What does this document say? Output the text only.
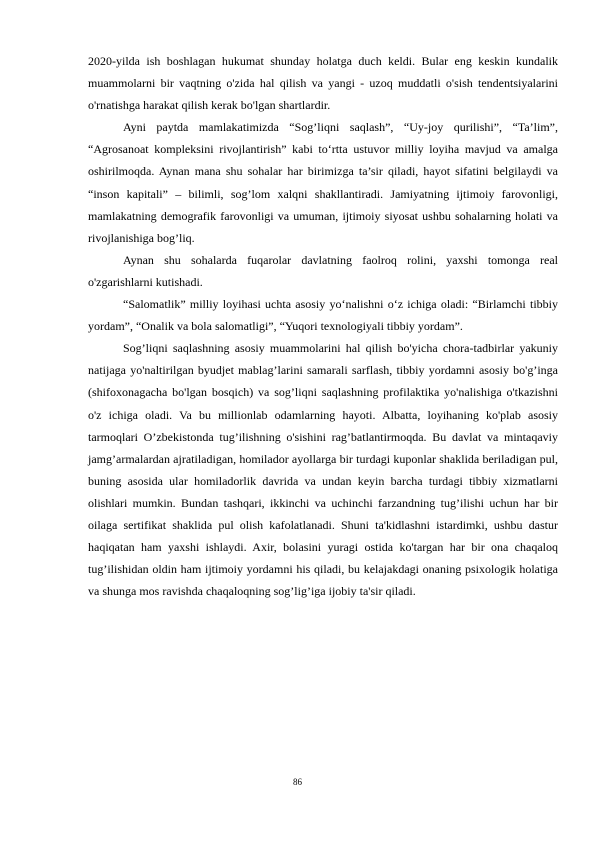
2020-yilda ish boshlagan hukumat shunday holatga duch keldi. Bular eng keskin kundalik muammolarni bir vaqtning o'zida hal qilish va yangi - uzoq muddatli o'sish tendentsiyalarini o'rnatishga harakat qilish kerak bo'lgan shartlardir.

Ayni paytda mamlakatimizda “Sog’liqni saqlash”, “Uy-joy qurilishi”, “Ta’lim”, “Agrosanoat kompleksini rivojlantirish” kabi to‘rtta ustuvor milliy loyiha mavjud va amalga oshirilmoqda. Aynan mana shu sohalar har birimizga ta’sir qiladi, hayot sifatini belgilaydi va “inson kapitali” – bilimli, sog’lom xalqni shakllantiradi. Jamiyatning ijtimoiy farovonligi, mamlakatning demografik farovonligi va umuman, ijtimoiy siyosat ushbu sohalarning holati va rivojlanishiga bog’liq.

Aynan shu sohalarda fuqarolar davlatning faolroq rolini, yaxshi tomonga real o'zgarishlarni kutishadi.

“Salomatlik” milliy loyihasi uchta asosiy yo‘nalishni o‘z ichiga oladi: “Birlamchi tibbiy yordam”, “Onalik va bola salomatligi”, “Yuqori texnologiyali tibbiy yordam”.

Sog’liqni saqlashning asosiy muammolarini hal qilish bo'yicha chora-tadbirlar yakuniy natijaga yo'naltirilgan byudjet mablag’larini samarali sarflash, tibbiy yordamni asosiy bo'g’inga (shifoxonagacha bo'lgan bosqich) va sog’liqni saqlashning profilaktika yo'nalishiga o'tkazishni o'z ichiga oladi. Va bu millionlab odamlarning hayoti. Albatta, loyihaning ko'plab asosiy tarmoqlari O’zbekistonda tug’ilishning o'sishini rag’batlantirmoqda. Bu davlat va mintaqaviy jamg’armalardan ajratiladigan, homilador ayollarga bir turdagi kuponlar shaklida beriladigan pul, buning asosida ular homiladorlik davrida va undan keyin barcha turdagi tibbiy xizmatlarni olishlari mumkin. Bundan tashqari, ikkinchi va uchinchi farzandning tug’ilishi uchun har bir oilaga sertifikat shaklida pul olish kafolatlanadi. Shuni ta'kidlashni istardimki, ushbu dastur haqiqatan ham yaxshi ishlaydi. Axir, bolasini yuragi ostida ko'targan har bir ona chaqaloq tug’ilishidan oldin ham ijtimoiy yordamni his qiladi, bu kelajakdagi onaning psixologik holatiga va shunga mos ravishda chaqaloqning sog’lig’iga ijobiy ta'sir qiladi.

86
